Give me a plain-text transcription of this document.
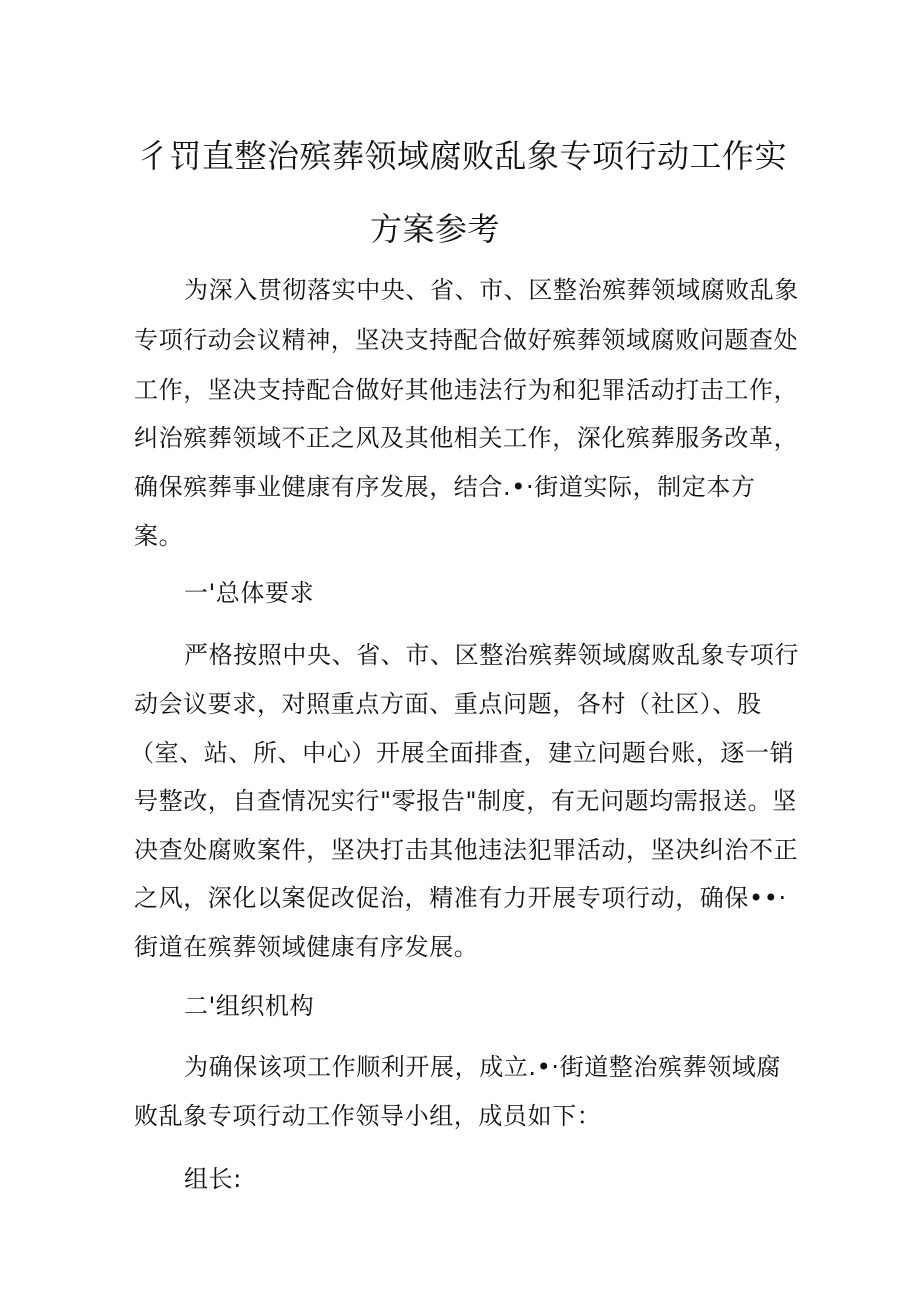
彳罚直整治殡葬领域腐败乱象专项行动工作实
方案参考
为深入贯彻落实中央、省、市、区整治殡葬领域腐败乱象
专项行动会议精神，坚决支持配合做好殡葬领域腐败问题查处
工作，坚决支持配合做好其他违法行为和犯罪活动打击工作，
纠治殡葬领域不正之风及其他相关工作，深化殡葬服务改革，
确保殡葬事业健康有序发展，结合.•·街道实际，制定本方
案。
一'总体要求
严格按照中央、省、市、区整治殡葬领域腐败乱象专项行
动会议要求，对照重点方面、重点问题，各村（社区）、股
（室、站、所、中心）开展全面排查，建立问题台账，逐一销
号整改，自查情况实行"零报告"制度，有无问题均需报送。坚
决查处腐败案件，坚决打击其他违法犯罪活动，坚决纠治不正
之风，深化以案促改促治，精准有力开展专项行动，确保••·
街道在殡葬领域健康有序发展。
二'组织机构
为确保该项工作顺利开展，成立.•·街道整治殡葬领域腐
败乱象专项行动工作领导小组，成员如下：
组长:
